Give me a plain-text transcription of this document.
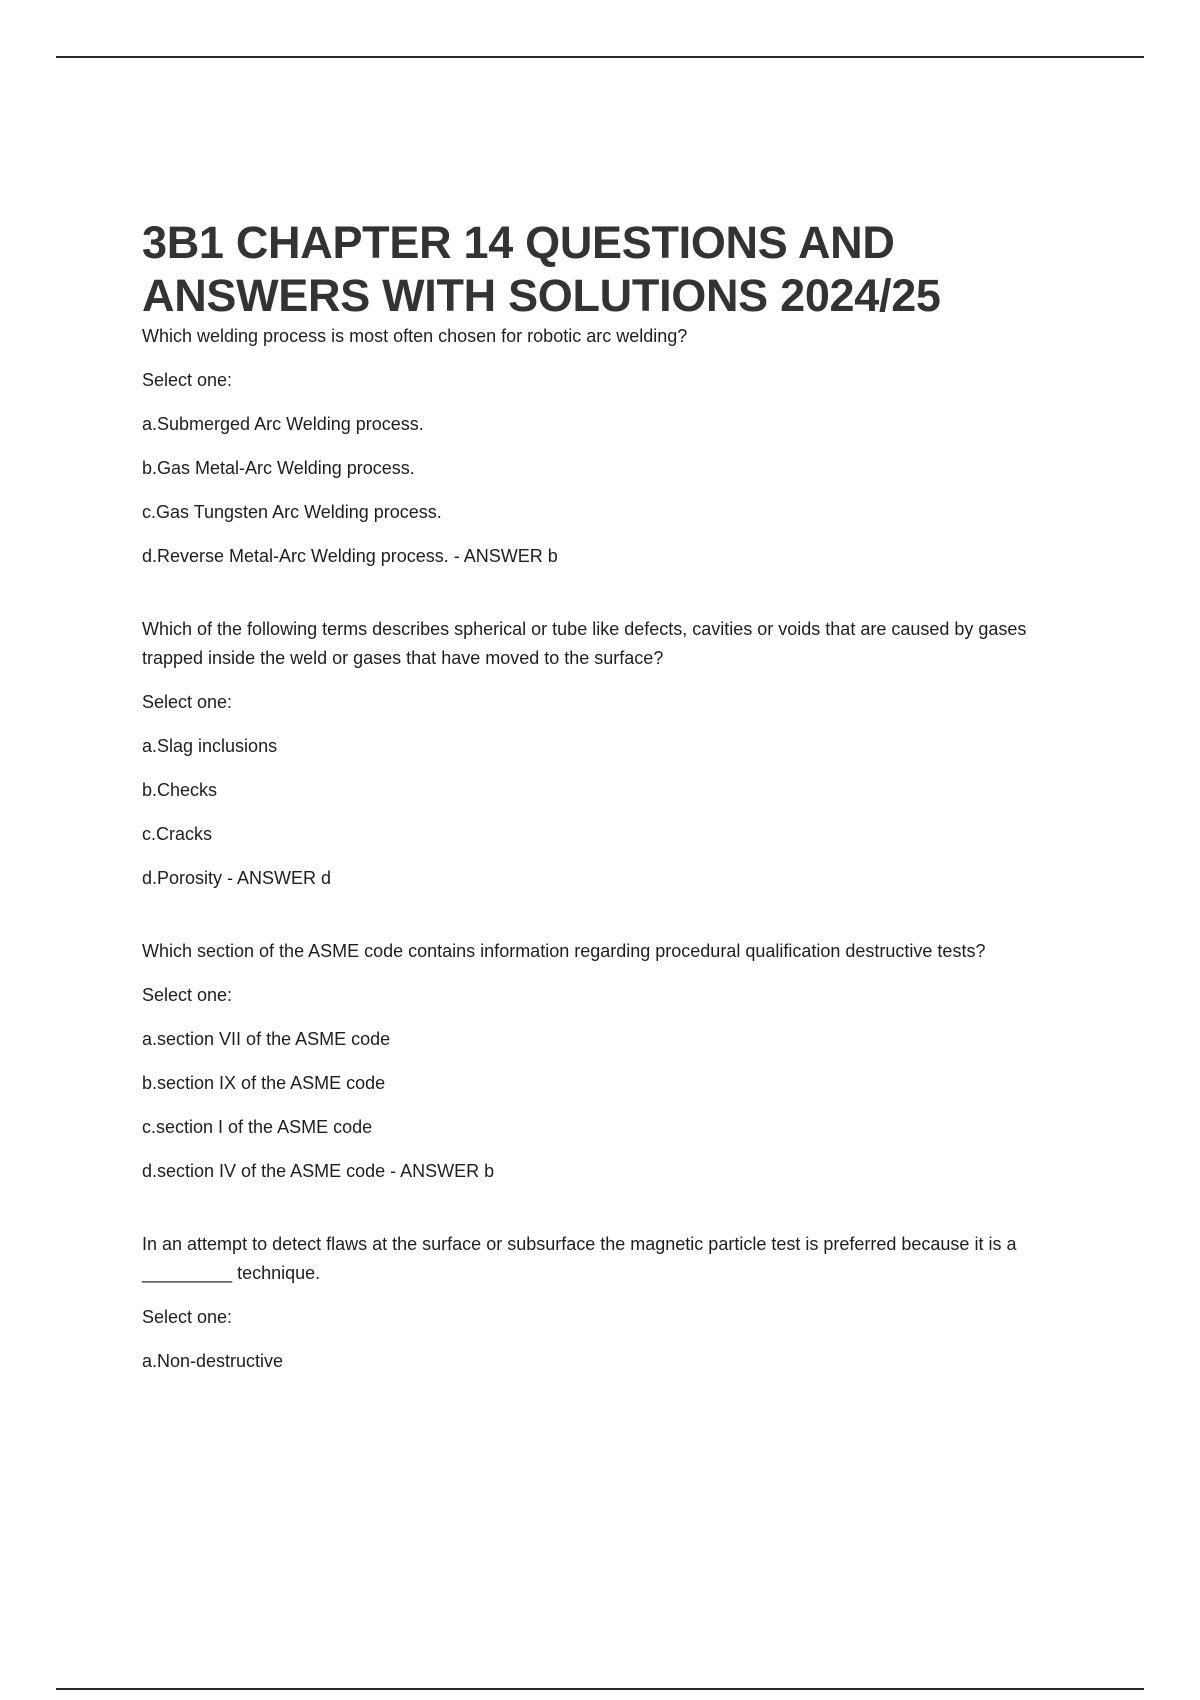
3B1 CHAPTER 14 QUESTIONS AND
ANSWERS WITH SOLUTIONS 2024/25

Which welding process is most often chosen for robotic arc welding?

Select one:

a.Submerged Arc Welding process.

b.Gas Metal-Arc Welding process.

c.Gas Tungsten Arc Welding process.

d.Reverse Metal-Arc Welding process. - ANSWER b

Which of the following terms describes spherical or tube like defects, cavities or voids that are caused by gases trapped inside the weld or gases that have moved to the surface?

Select one:

a.Slag inclusions

b.Checks

c.Cracks

d.Porosity - ANSWER d

Which section of the ASME code contains information regarding procedural qualification destructive tests?

Select one:

a.section VII of the ASME code

b.section IX of the ASME code

c.section I of the ASME code

d.section IV of the ASME code - ANSWER b

In an attempt to detect flaws at the surface or subsurface the magnetic particle test is preferred because it is a _________ technique.

Select one:

a.Non-destructive
